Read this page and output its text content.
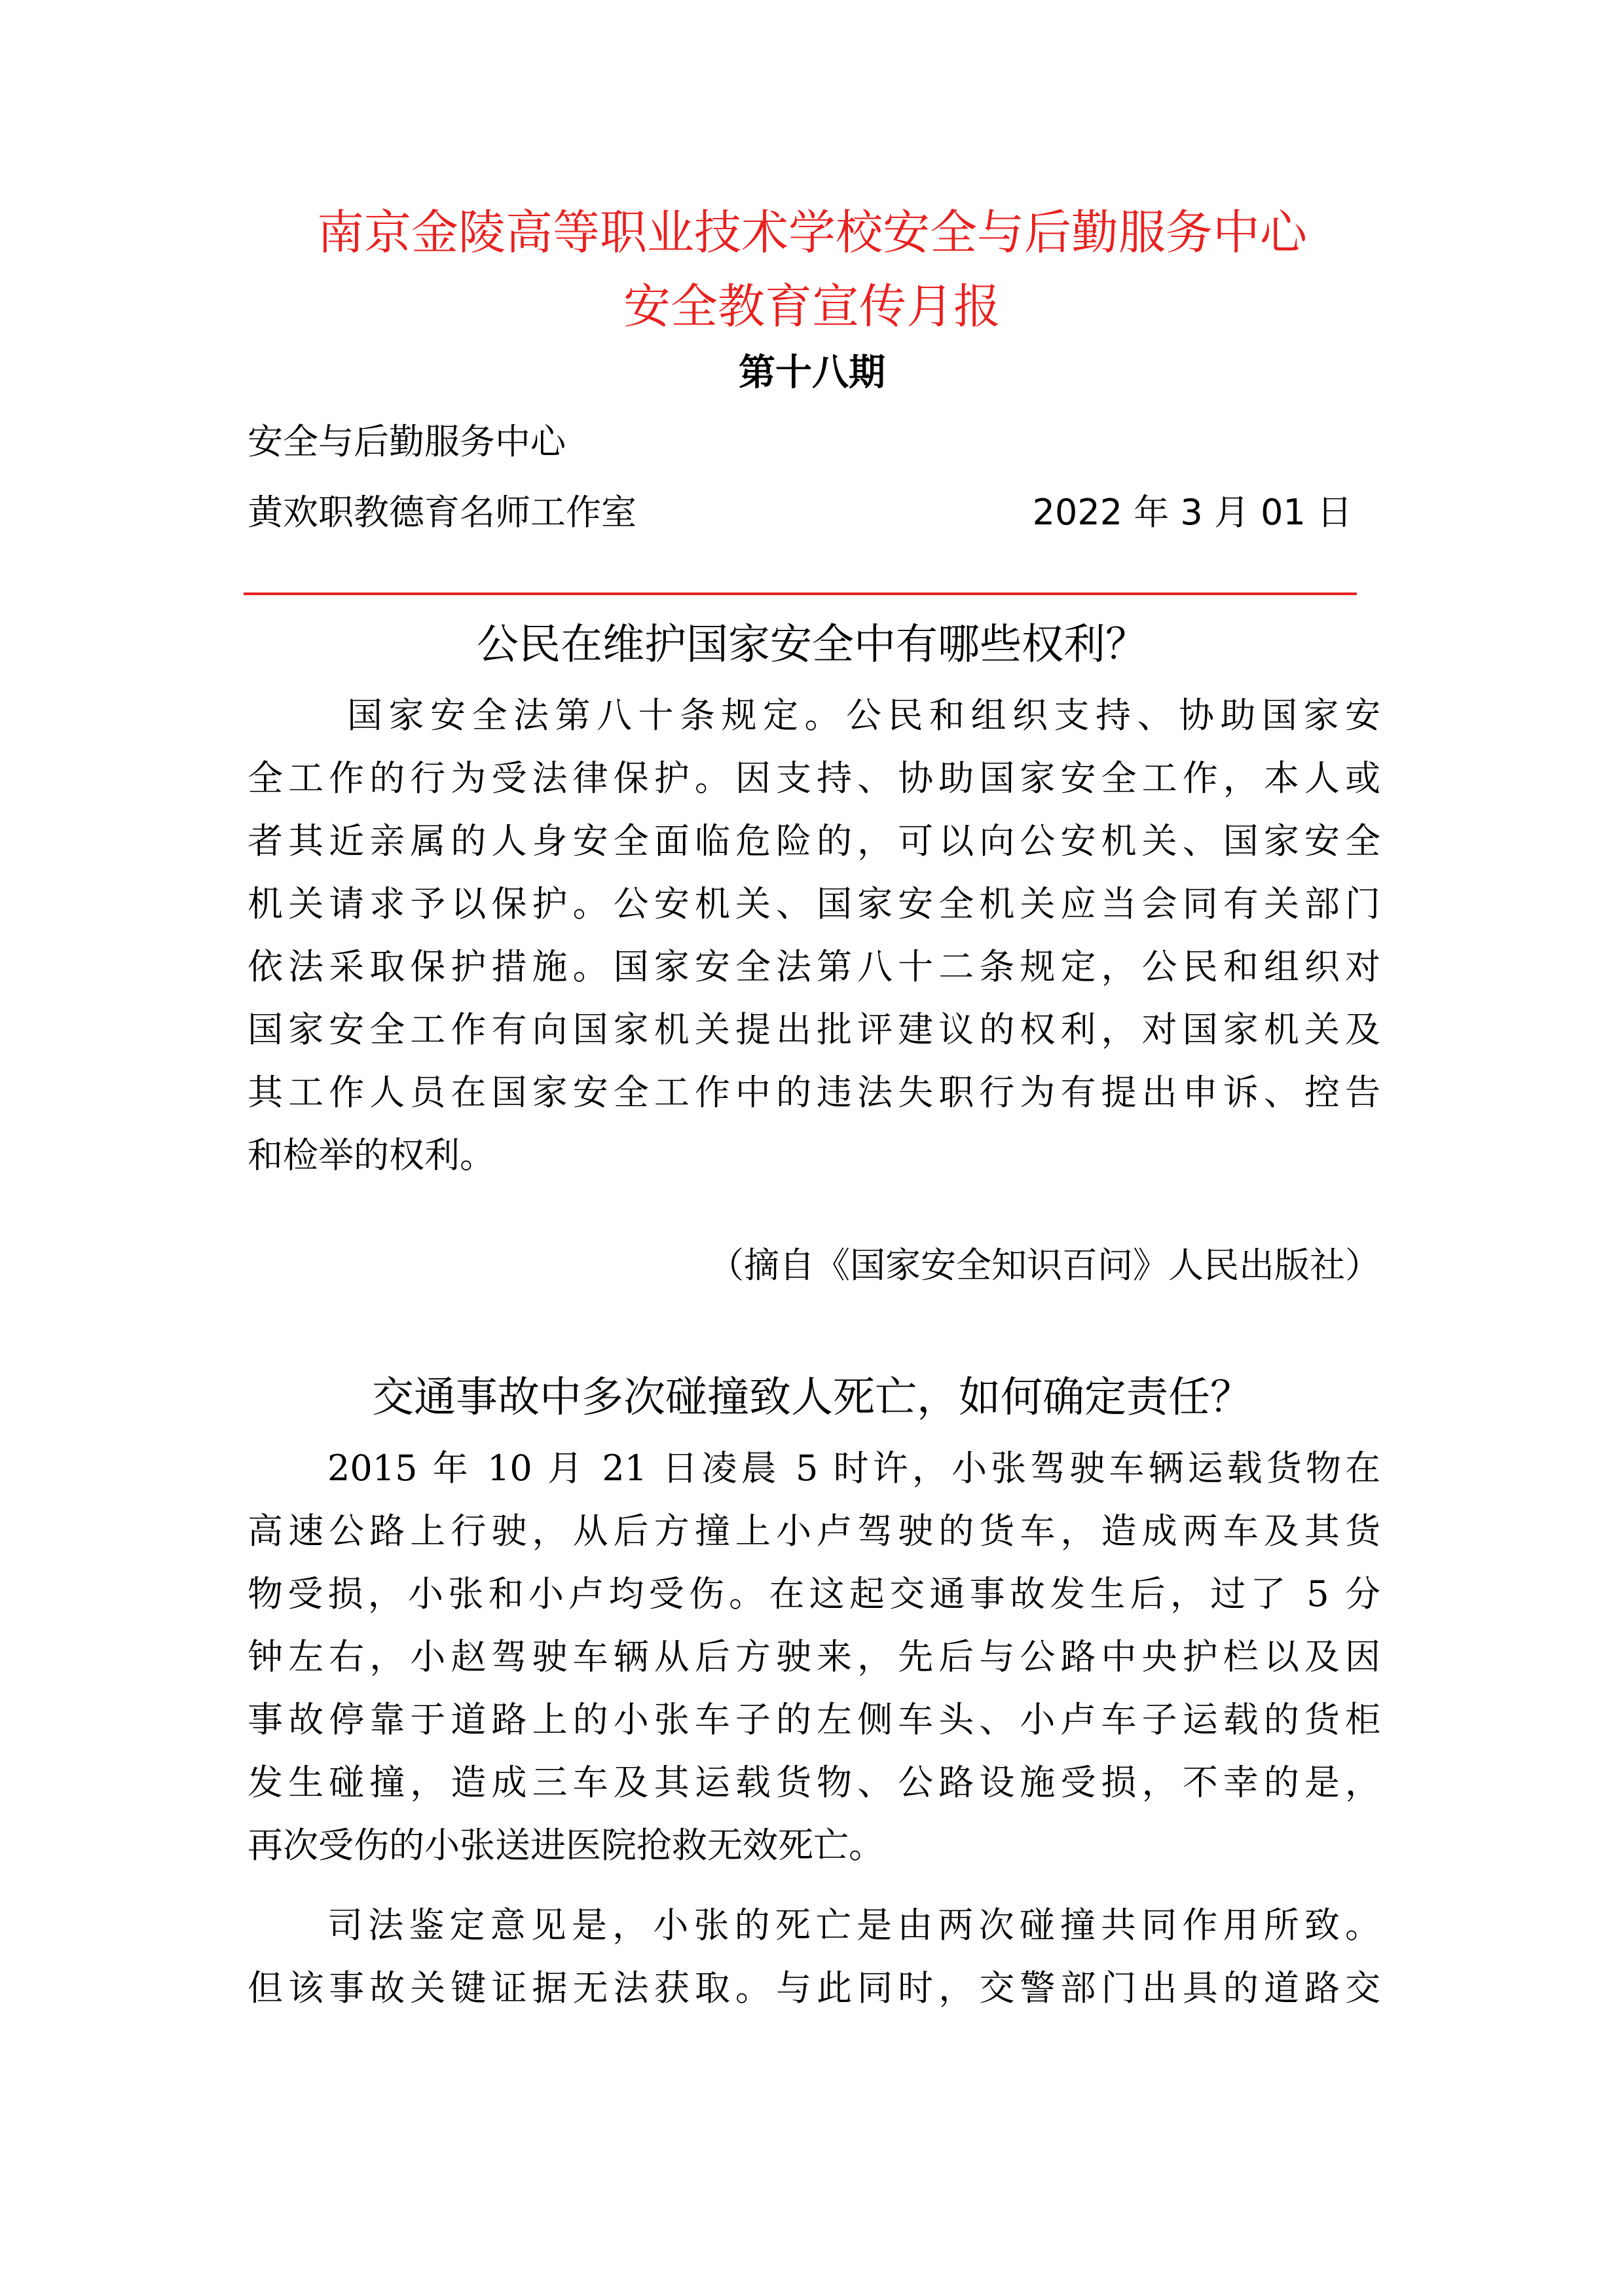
南京金陵高等职业技术学校安全与后勤服务中心
安全教育宣传月报
第十八期
安全与后勤服务中心
黄欢职教德育名师工作室	2022 年 3 月 01 日
公民在维护国家安全中有哪些权利？
国家安全法第八十条规定。公民和组织支持、协助国家安
全工作的行为受法律保护。因支持、协助国家安全工作，本人或
者其近亲属的人身安全面临危险的，可以向公安机关、国家安全
机关请求予以保护。公安机关、国家安全机关应当会同有关部门
依法采取保护措施。国家安全法第八十二条规定，公民和组织对
国家安全工作有向国家机关提出批评建议的权利，对国家机关及
其工作人员在国家安全工作中的违法失职行为有提出申诉、控告
和检举的权利。
（摘自《国家安全知识百问》人民出版社）
交通事故中多次碰撞致人死亡，如何确定责任？
2015 年 10 月 21 日凌晨 5 时许，小张驾驶车辆运载货物在
高速公路上行驶，从后方撞上小卢驾驶的货车，造成两车及其货
物受损，小张和小卢均受伤。在这起交通事故发生后，过了 5 分
钟左右，小赵驾驶车辆从后方驶来，先后与公路中央护栏以及因
事故停靠于道路上的小张车子的左侧车头、小卢车子运载的货柜
发生碰撞，造成三车及其运载货物、公路设施受损，不幸的是，
再次受伤的小张送进医院抢救无效死亡。
司法鉴定意见是，小张的死亡是由两次碰撞共同作用所致。
但该事故关键证据无法获取。与此同时，交警部门出具的道路交
